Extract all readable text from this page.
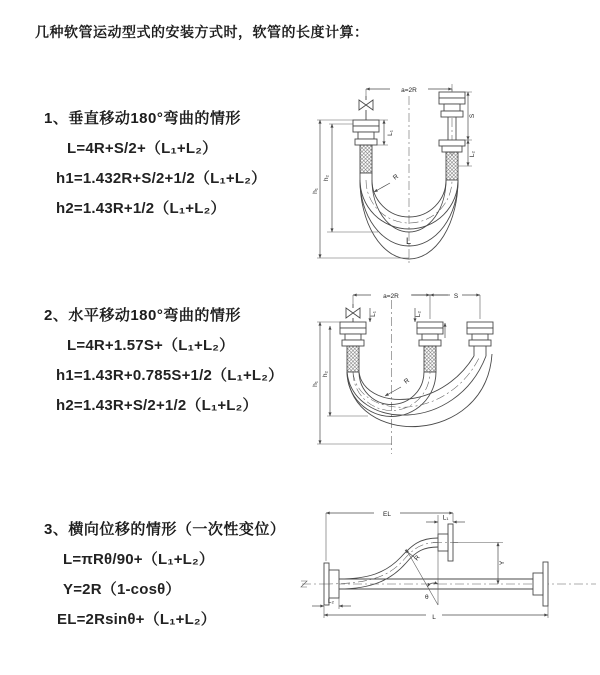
几种软管运动型式的安装方式时，软管的长度计算：
1、垂直移动180°弯曲的情形
L=4R+S/2+（L₁+L₂）
h1=1.432R+S/2+1/2（L₁+L₂）
h2=1.43R+1/2（L₁+L₂）
2、水平移动180°弯曲的情形
L=4R+1.57S+（L₁+L₂）
h1=1.43R+0.785S+1/2（L₁+L₂）
h2=1.43R+S/2+1/2（L₁+L₂）
3、横向位移的情形（一次性变位）
L=πRθ/90+（L₁+L₂）
Y=2R（1-cosθ）
EL=2Rsinθ+（L₁+L₂）
a=2R
h₁
h₂
L₁
S
L₂
R
L
a=2R	S
h₁
h₂
L₁	L₂
R
θ
EL	L₁
Y
R
L
L₂
